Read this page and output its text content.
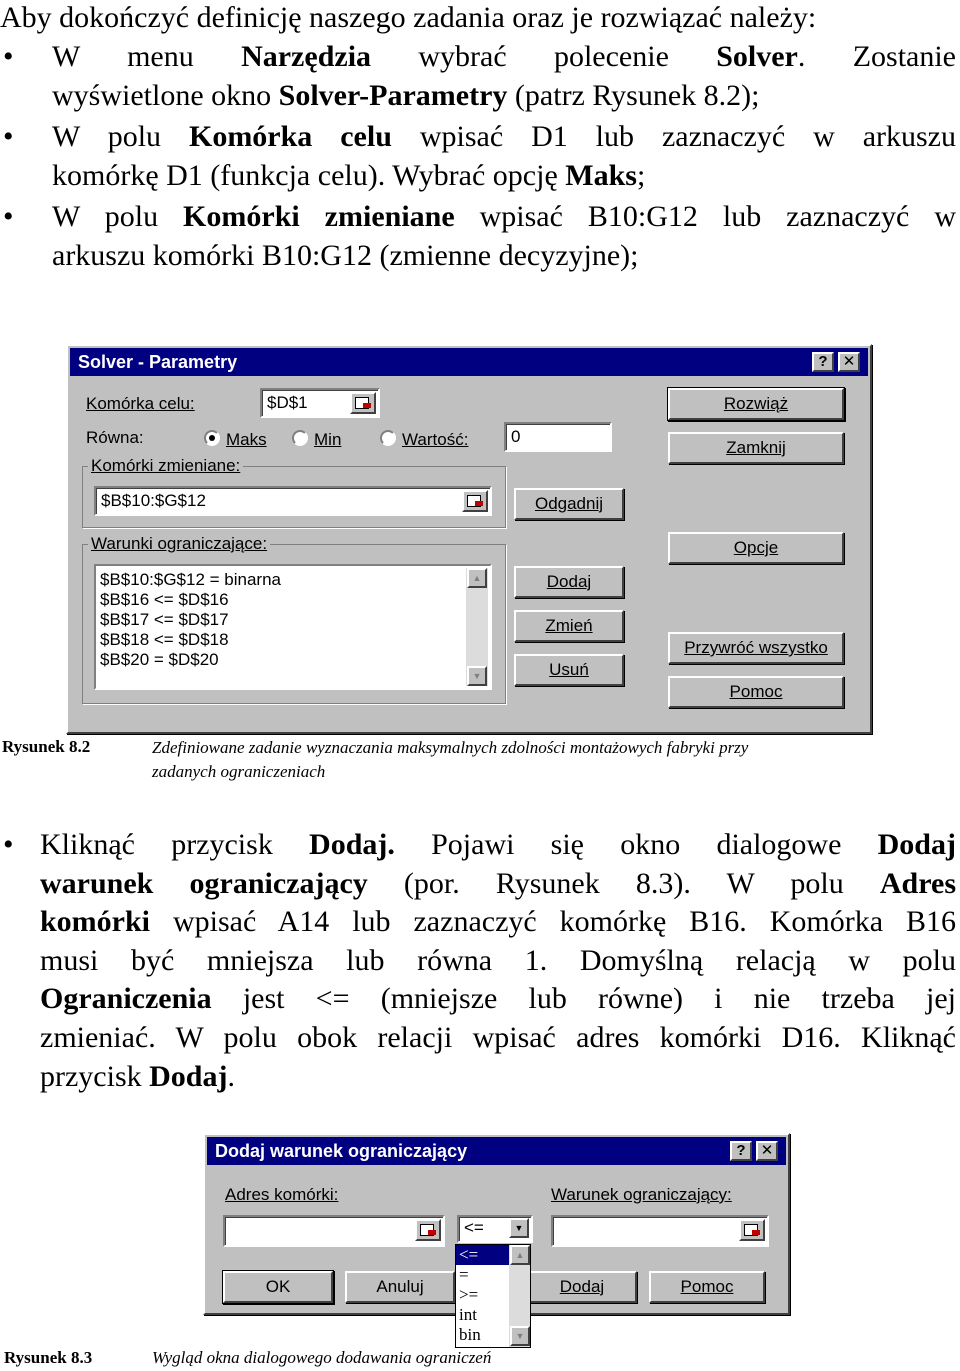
Aby dokończyć definicję naszego zadania oraz je rozwiązać należy:
• W menu Narzędzia wybrać polecenie Solver. Zostanie
wyświetlone okno Solver-Parametry (patrz Rysunek 8.2);
• W polu Komórka celu wpisać D1 lub zaznaczyć w arkuszu
komórkę D1 (funkcja celu). Wybrać opcję Maks;
• W polu Komórki zmieniane wpisać B10:G12 lub zaznaczyć w
arkuszu komórki B10:G12 (zmienne decyzyjne);
Solver - Parametry	?	✕
Komórka celu:	$D$1
Równa:	Maks	Min	Wartość:	0
Komórki zmieniane:
$B$10:$G$12	Odgadnij
Warunki ograniczające:
$B$10:$G$12 = binarna
$B$16 <= $D$16
$B$17 <= $D$17
$B$18 <= $D$18
$B$20 = $D$20
▲
▼
Dodaj
Zmień
Usuń
Rozwiąż
Zamknij
Opcje
Przywróć wszystko
Pomoc
Rysunek 8.2	Zdefiniowane zadanie wyznaczania maksymalnych zdolności montażowych fabryki przy
zadanych ograniczeniach
• Kliknąć przycisk Dodaj. Pojawi się okno dialogowe Dodaj
warunek ograniczający (por. Rysunek 8.3). W polu Adres
komórki wpisać A14 lub zaznaczyć komórkę B16. Komórka B16
musi być mniejsza lub równa 1. Domyślną relacją w polu
Ograniczenia jest <= (mniejsze lub równe) i nie trzeba jej
zmieniać. W polu obok relacji wpisać adres komórki D16. Kliknąć
przycisk Dodaj.
Dodaj warunek ograniczający	?	✕
Adres komórki:	Warunek ograniczający:
<=	▼
OK	Anuluj	Dodaj	Pomoc
<=
=
>=
int
bin
▲
▼
Rysunek 8.3	Wygląd okna dialogowego dodawania ograniczeń
